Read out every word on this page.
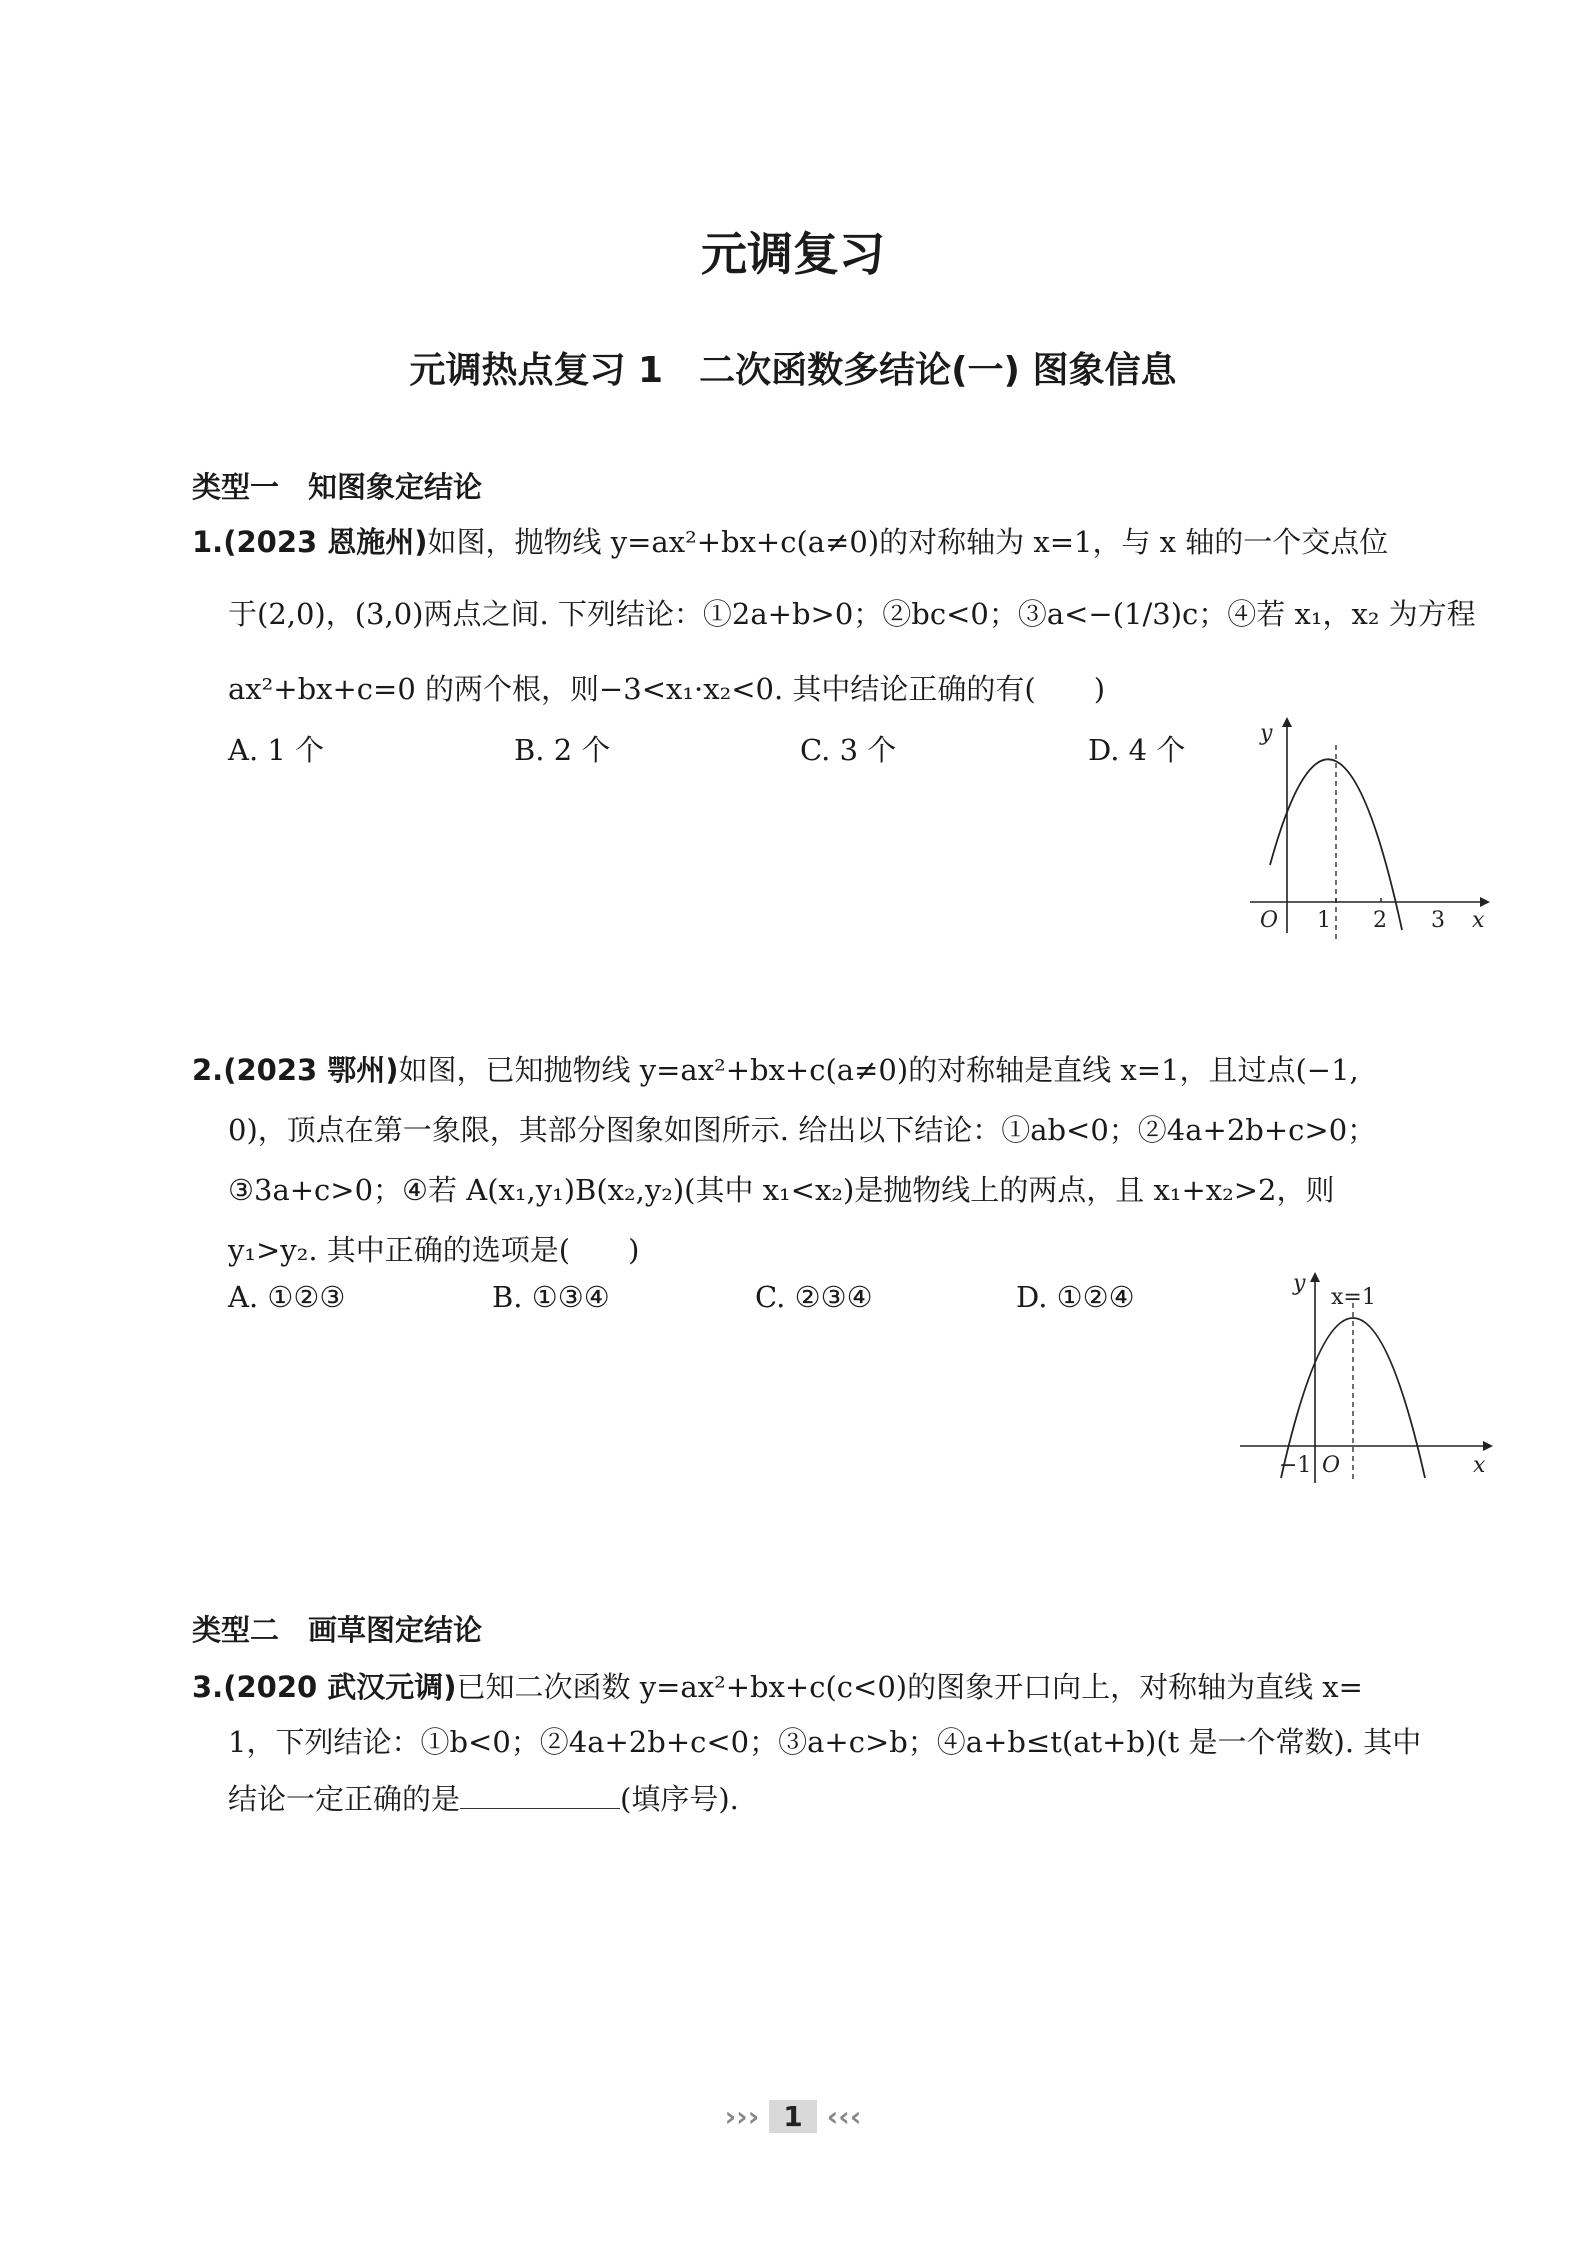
元调复习
元调热点复习 1　二次函数多结论(一) 图象信息
类型一　知图象定结论
1.(2023 恩施州)如图，抛物线 y=ax²+bx+c(a≠0)的对称轴为 x=1，与 x 轴的一个交点位
于(2,0)，(3,0)两点之间. 下列结论：①2a+b>0；②bc<0；③a<−(1/3)c；④若 x₁，x₂ 为方程
ax²+bx+c=0 的两个根，则−3<x₁·x₂<0. 其中结论正确的有(　　)
A. 1 个	B. 2 个	C. 3 个	D. 4 个	y
x
O 1 2 3
2.(2023 鄂州)如图，已知抛物线 y=ax²+bx+c(a≠0)的对称轴是直线 x=1，且过点(−1,
0)，顶点在第一象限，其部分图象如图所示. 给出以下结论：①ab<0；②4a+2b+c>0；
③3a+c>0；④若 A(x₁,y₁)B(x₂,y₂)(其中 x₁<x₂)是抛物线上的两点，且 x₁+x₂>2，则
y₁>y₂. 其中正确的选项是(　　)
A. ①②③	B. ①③④	C. ②③④	D. ①②④	y
x=1
x
O
−1
类型二　画草图定结论
3.(2020 武汉元调)已知二次函数 y=ax²+bx+c(c<0)的图象开口向上，对称轴为直线 x=
1，下列结论：①b<0；②4a+2b+c<0；③a+c>b；④a+b≤t(at+b)(t 是一个常数). 其中
结论一定正确的是	(填序号).
››› 1 ‹‹‹
